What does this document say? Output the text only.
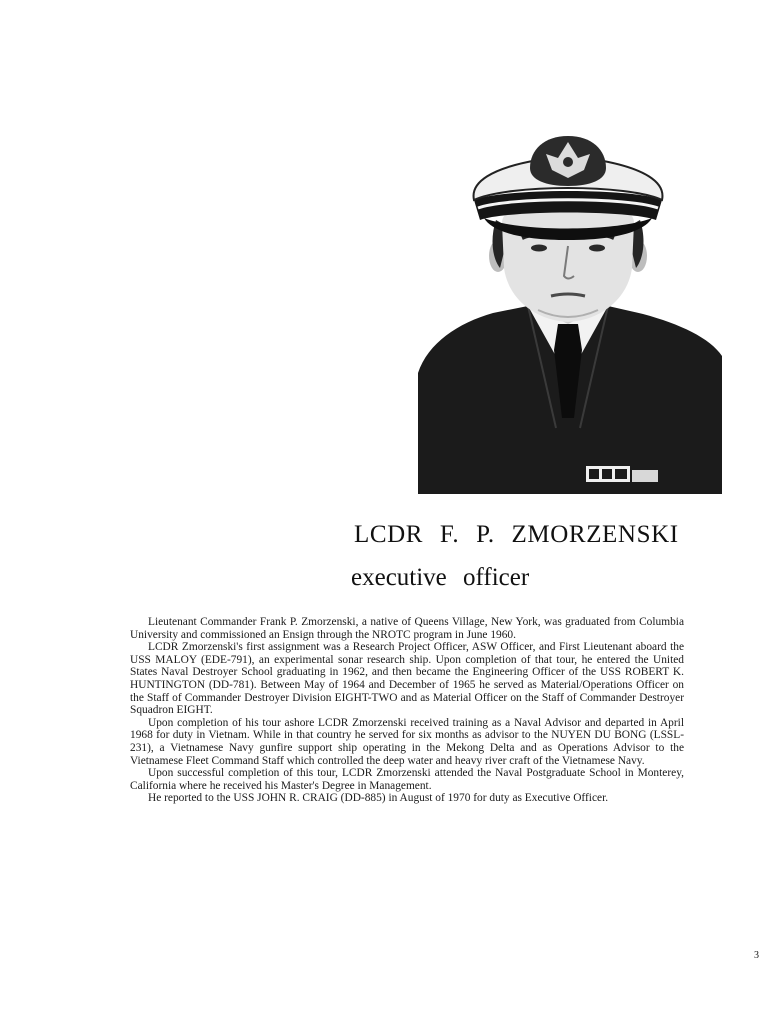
LCDR F. P. ZMORZENSKI
executive officer

Lieutenant Commander Frank P. Zmorzenski, a native of Queens Village, New York, was graduated from Columbia University and commissioned an Ensign through the NROTC program in June 1960.

LCDR Zmorzenski's first assignment was a Research Project Officer, ASW Officer, and First Lieutenant aboard the USS MALOY (EDE-791), an experimental sonar research ship. Upon completion of that tour, he entered the United States Naval Destroyer School graduating in 1962, and then became the Engineering Officer of the USS ROBERT K. HUNTINGTON (DD-781). Between May of 1964 and December of 1965 he served as Material/Operations Officer on the Staff of Commander Destroyer Division EIGHT-TWO and as Material Officer on the Staff of Commander Destroyer Squadron EIGHT.

Upon completion of his tour ashore LCDR Zmorzenski received training as a Naval Advisor and departed in April 1968 for duty in Vietnam. While in that country he served for six months as advisor to the NUYEN DU BONG (LSSL-231), a Vietnamese Navy gunfire support ship operating in the Mekong Delta and as Operations Advisor to the Vietnamese Fleet Command Staff which controlled the deep water and heavy river craft of the Vietnamese Navy.

Upon successful completion of this tour, LCDR Zmorzenski attended the Naval Postgraduate School in Monterey, California where he received his Master's Degree in Management.

He reported to the USS JOHN R. CRAIG (DD-885) in August of 1970 for duty as Executive Officer.

3
